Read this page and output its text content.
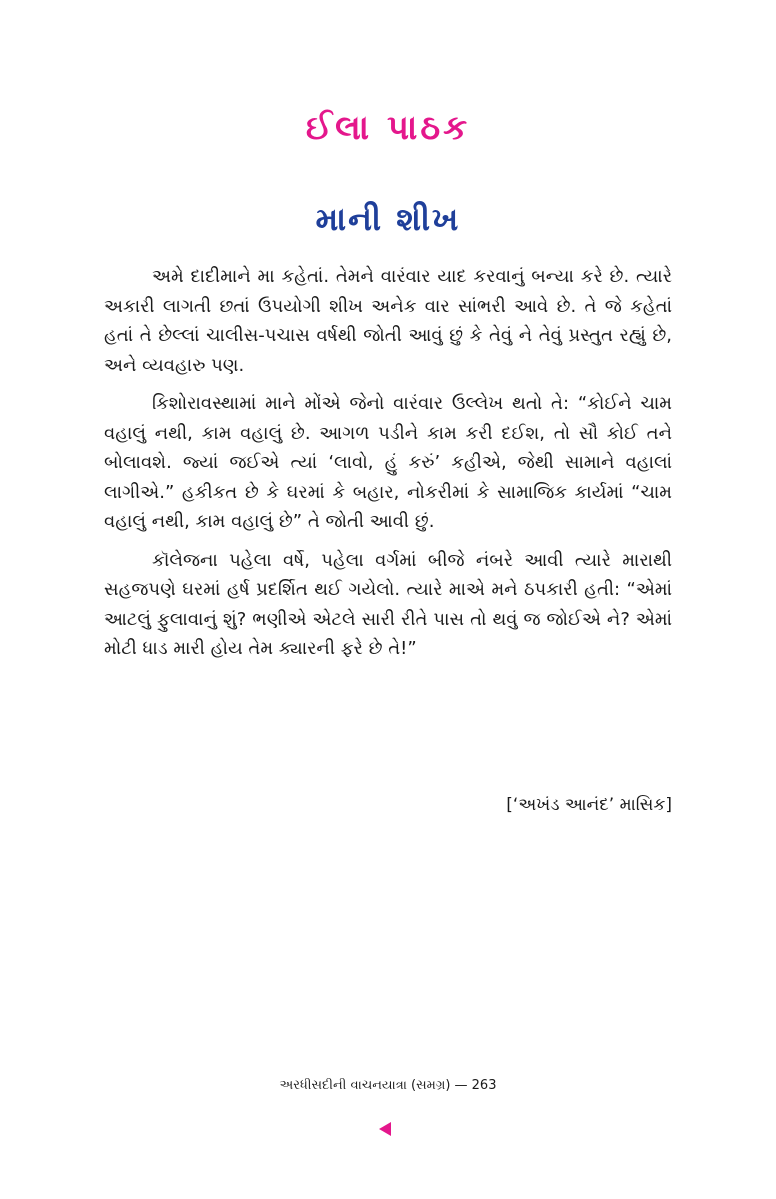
ઈલા પાઠક
માની શીખ

અમે દાદીમાને મા કહેતાં. તેમને વારંવાર યાદ કરવાનું બન્યા કરે છે. ત્યારે અકારી લાગતી છતાં ઉપયોગી શીખ અનેક વાર સાંભરી આવે છે. તે જે કહેતાં હતાં તે છેલ્લાં ચાલીસ-પચાસ વર્ષથી જોતી આવું છું કે તેવું ને તેવું પ્રસ્તુત રહ્યું છે, અને વ્યવહારુ પણ.

કિશોરાવસ્થામાં માને મોંએ જેનો વારંવાર ઉલ્લેખ થતો તે: “કોઈને ચામ વહાલું નથી, કામ વહાલું છે. આગળ પડીને કામ કરી દઈશ, તો સૌ કોઈ તને બોલાવશે. જ્યાં જઈએ ત્યાં ‘લાવો, હું કરું’ કહીએ, જેથી સામાને વહાલાં લાગીએ.” હકીકત છે કે ઘરમાં કે બહાર, નોકરીમાં કે સામાજિક કાર્યમાં “ચામ વહાલું નથી, કામ વહાલું છે” તે જોતી આવી છું.

કૉલેજના પહેલા વર્ષે, પહેલા વર્ગમાં બીજે નંબરે આવી ત્યારે મારાથી સહજપણે ઘરમાં હર્ષ પ્રદર્શિત થઈ ગયેલો. ત્યારે માએ મને ઠપકારી હતી: “એમાં આટલું ફુલાવાનું શું? ભણીએ એટલે સારી રીતે પાસ તો થવું જ જોઈએ ને? એમાં મોટી ધાડ મારી હોય તેમ ક્યારની ફરે છે તે!”

[‘અખંડ આનંદ’ માસિક]
અરધીસદીની વાચનયાત્રા (સમગ્ર) — 263
